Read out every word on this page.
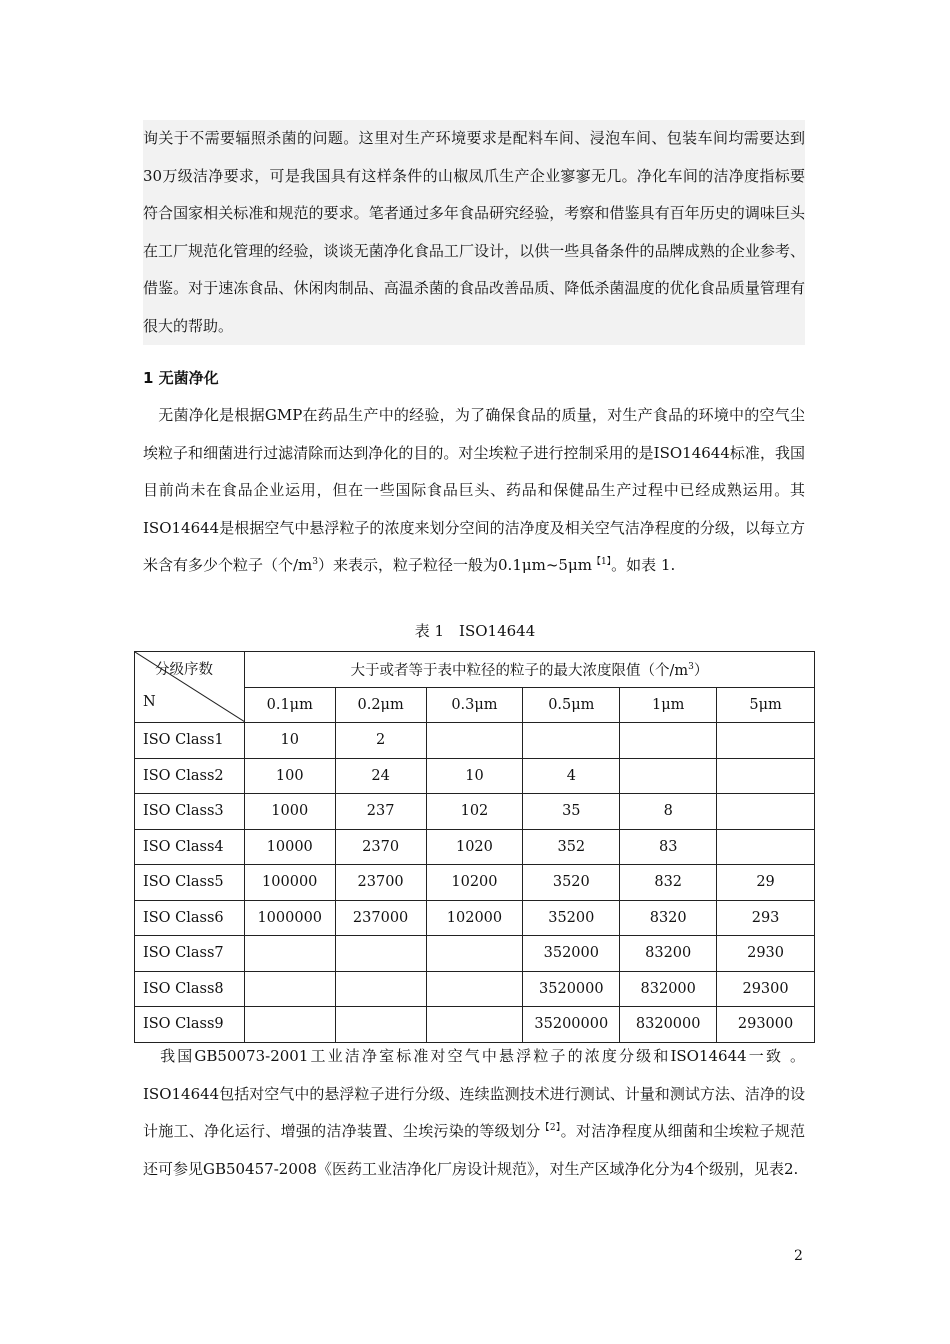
询关于不需要辐照杀菌的问题。这里对生产环境要求是配料车间、浸泡车间、包装车间均需要达到30万级洁净要求，可是我国具有这样条件的山椒凤爪生产企业寥寥无几。净化车间的洁净度指标要符合国家相关标准和规范的要求。笔者通过多年食品研究经验，考察和借鉴具有百年历史的调味巨头在工厂规范化管理的经验，谈谈无菌净化食品工厂设计，以供一些具备条件的品牌成熟的企业参考、借鉴。对于速冻食品、休闲肉制品、高温杀菌的食品改善品质、降低杀菌温度的优化食品质量管理有很大的帮助。
1 无菌净化
无菌净化是根据GMP在药品生产中的经验，为了确保食品的质量，对生产食品的环境中的空气尘埃粒子和细菌进行过滤清除而达到净化的目的。对尘埃粒子进行控制采用的是ISO14644标准，我国目前尚未在食品企业运用，但在一些国际食品巨头、药品和保健品生产过程中已经成熟运用。其ISO14644是根据空气中悬浮粒子的浓度来划分空间的洁净度及相关空气洁净程度的分级，以每立方米含有多少个粒子（个$/m^3$）来表示，粒子粒径一般为$0.1\mu m\sim 5\mu m^{【1】}$。如表 1.
表 1　ISO14644
分级序数
N	大于或者等于表中粒径的粒子的最大浓度限值（个$/m^3$）					
	0.1μm	0.2μm	0.3μm	0.5μm	1μm	5μm
ISO Class1	10	2				
ISO Class2	100	24	10	4		
ISO Class3	1000	237	102	35	8	
ISO Class4	10000	2370	1020	352	83	
ISO Class5	100000	23700	10200	3520	832	29
ISO Class6	1000000	237000	102000	35200	8320	293
ISO Class7				352000	83200	2930
ISO Class8				3520000	832000	29300
ISO Class9				35200000	8320000	293000
我国GB50073-2001工业洁净室标准对空气中悬浮粒子的浓度分级和ISO14644一致 。ISO14644包括对空气中的悬浮粒子进行分级、连续监测技术进行测试、计量和测试方法、洁净的设计施工、净化运行、增强的洁净装置、尘埃污染的等级划分$^{【2】}$。对洁净程度从细菌和尘埃粒子规范还可参见GB50457-2008《医药工业洁净化厂房设计规范》，对生产区域净化分为4个级别，见表2.
2
